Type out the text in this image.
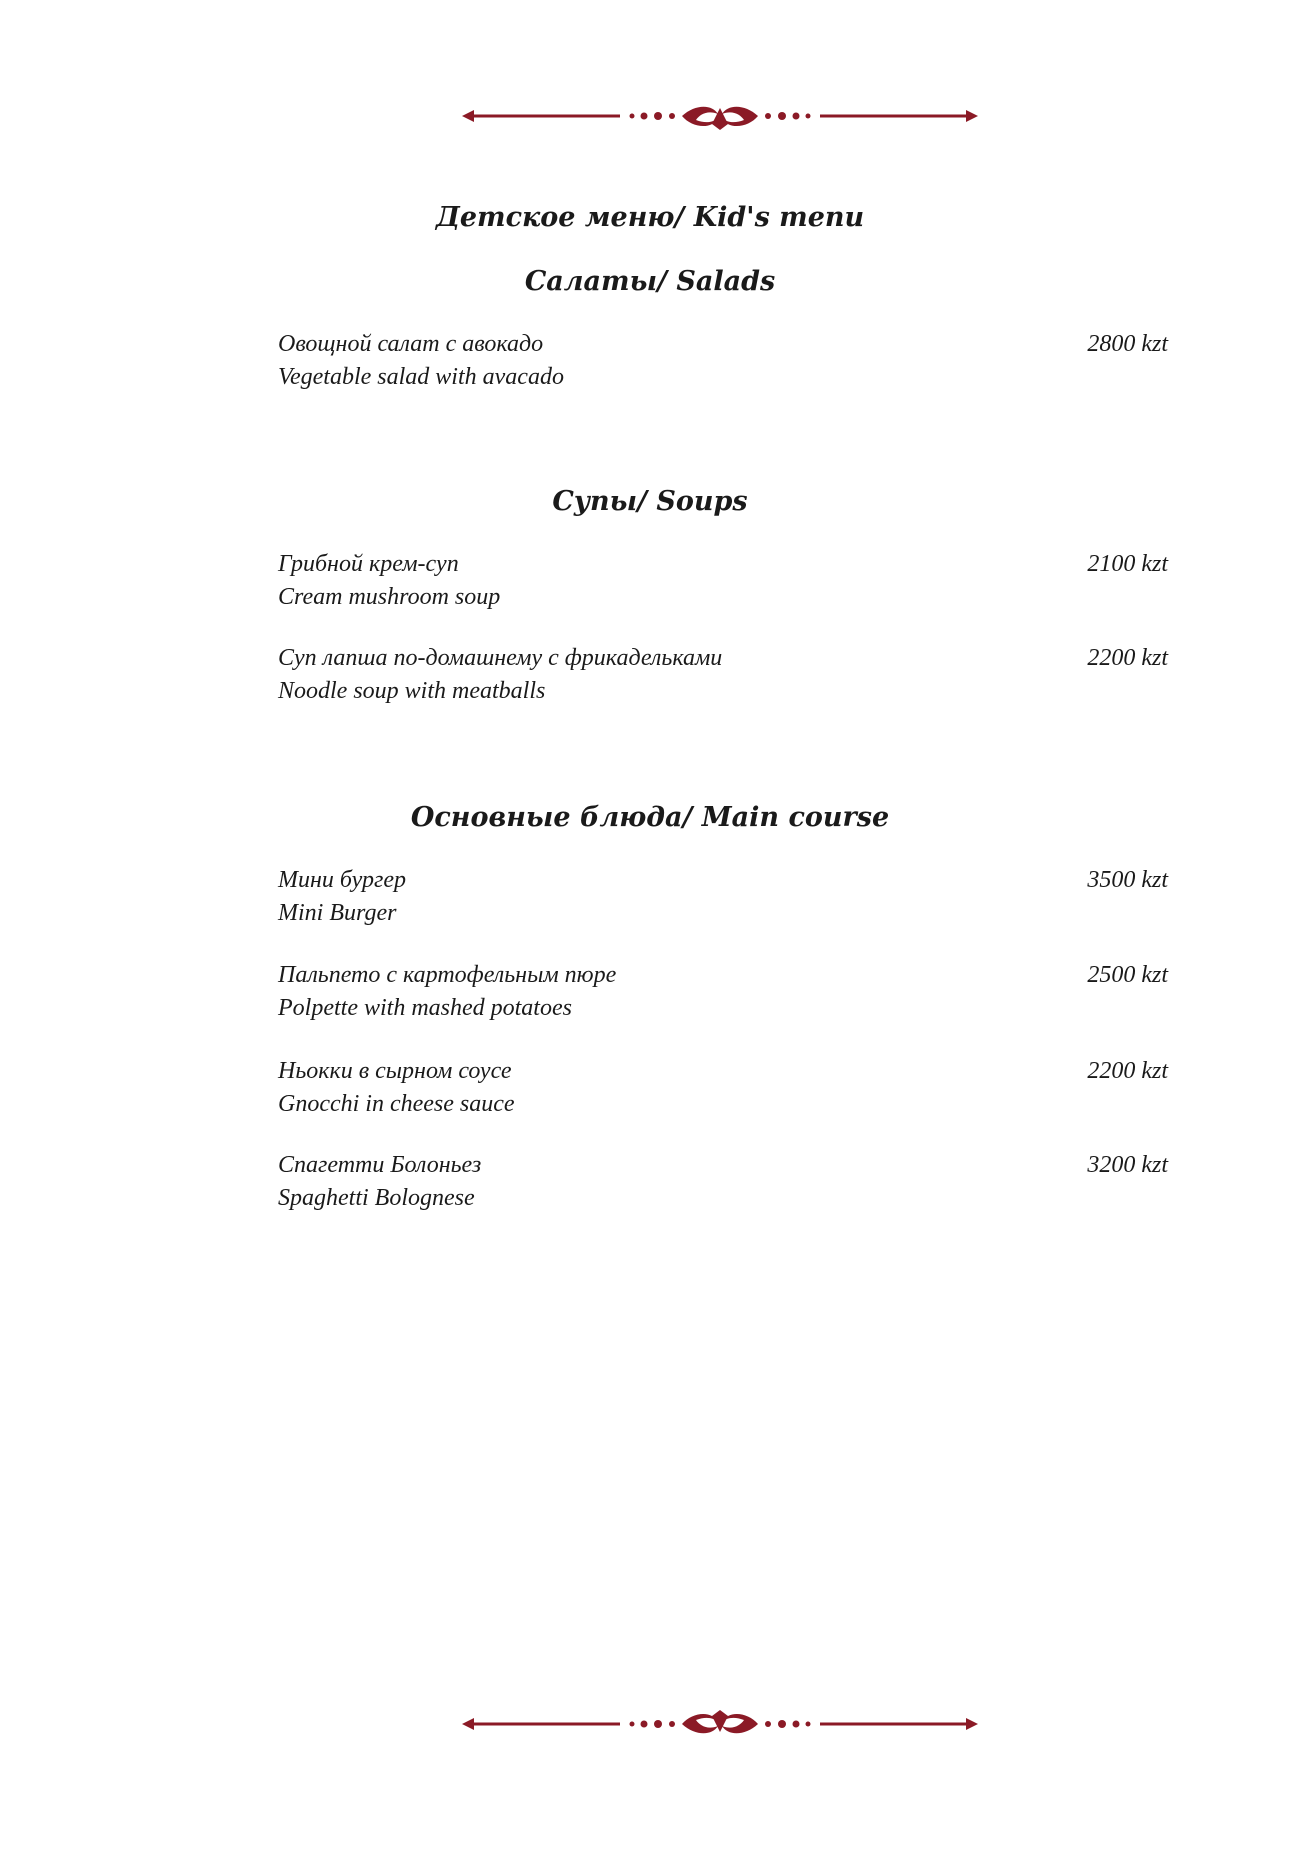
Детское меню/ Kid's menu
Салаты/ Salads
Овощной салат с авокадо
Vegetable salad with avacado
2800 kzt
Супы/ Soups
Грибной крем-суп
Cream mushroom soup
2100 kzt
Суп лапша по-домашнему с фрикадельками
Noodle soup with meatballs
2200 kzt
Основные блюда/ Main course
Мини бургер
Mini Burger
3500 kzt
Пальпето с картофельным пюре
Polpette with mashed potatoes
2500 kzt
Ньокки в сырном соусе
Gnocchi in cheese sauce
2200 kzt
Спагетти Болоньез
Spaghetti Bolognese
3200 kzt
